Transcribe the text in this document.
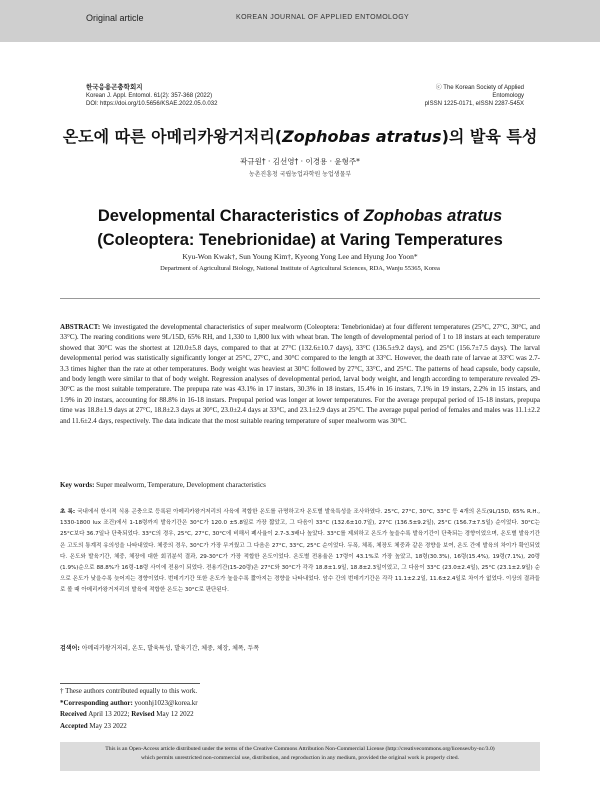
Original article	KOREAN JOURNAL OF APPLIED ENTOMOLOGY
한국응용곤충학회지
Korean J. Appl. Entomol. 61(2): 357-368 (2022)
DOI: https://doi.org/10.5656/KSAE.2022.05.0.032
ⓒ The Korean Society of Applied Entomology
pISSN 1225-0171, eISSN 2287-545X
온도에 따른 아메리카왕거저리(Zophobas atratus)의 발육 특성
곽규원† · 김선영† · 이경용 · 윤형주*
농촌진흥청 국립농업과학원 농업생물부
Developmental Characteristics of Zophobas atratus (Coleoptera: Tenebrionidae) at Varing Temperatures
Kyu-Won Kwak†, Sun Young Kim†, Kyeong Yong Lee and Hyung Joo Yoon*
Department of Agricultural Biology, National Institute of Agricultural Sciences, RDA, Wanju 55365, Korea
ABSTRACT: We investigated the developmental characteristics of super mealworm (Coleoptera: Tenebrionidae) at four different temperatures (25°C, 27°C, 30°C, and 33°C). The rearing conditions were 9L/15D, 65% RH, and 1,330 to 1,800 lux with wheat bran. The length of developmental period of 1 to 18 instars at each temperature showed that 30°C was the shortest at 120.0±5.8 days, compared to that at 27°C (132.6±10.7 days), 33°C (136.5±9.2 days), and 25°C (156.7±7.5 days). The larval developmental period was statistically significantly longer at 25°C, 27°C, and 30°C compared to the length at 33°C. However, the death rate of larvae at 33°C was 2.7-3.3 times higher than the rate at other temperatures. Body weight was heaviest at 30°C followed by 27°C, 33°C, and 25°C. The patterns of head capsule, body capsule, and body length were similar to that of body weight. Regression analyses of developmental period, larval body weight, and length according to temperature revealed 29-30°C as the most suitable temperature. The prepupa rate was 43.1% in 17 instars, 30.3% in 18 instars, 15.4% in 16 instars, 7.1% in 19 instars, 2.2% in 15 instars, and 1.9% in 20 instars, accounting for 88.8% in 16-18 instars. Prepupal period was longer at lower temperatures. For the average prepupal period of 15-18 instars, prepupa time was 18.8±1.9 days at 27°C, 18.8±2.3 days at 30°C, 23.0±2.4 days at 33°C, and 23.1±2.9 days at 25°C. The average pupal period of females and males was 11.1±2.2 and 11.6±2.4 days, respectively. The data indicate that the most suitable rearing temperature of super mealworm was 30°C.
Key words: Super mealworm, Temperature, Development characteristics
초 록: 국내에서 한시적 식용 곤충으로 등록된 아메리카왕거저리의 사육에 적합한 온도를 규명하고자 온도별 발육특성을 조사하였다. 25°C, 27°C, 30°C, 33°C 등 4개의 온도(9L/15D, 65% R.H., 1330-1800 lux 조건)에서 1-18령까지 발육기간은 30°C가 120.0 ±5.8일로 가장 짧았고, 그 다음이 33°C (132.6±10.7일), 27°C (136.5±9.2일), 25°C (156.7±7.5일) 순이었다. 30°C는 25°C보다 36.7일나 단축되었다. 33°C의 경우, 25°C, 27°C, 30°C에 비해서 폐사율이 2.7-3.3배나 높았다. 33°C를 제외하고 온도가 높을수록 발육기간이 단축되는 경향이었으며, 온도별 발육기간은 고도의 통계적 유의성을 나타내었다. 체중의 경우, 30°C가 가장 무거웠고 그 다음은 27°C, 33°C, 25°C 순이었다. 두폭, 체폭, 체장도 체중과 같은 경향을 보여, 온도 간에 발육의 차이가 확인되었다. 온도와 발육기간, 체중, 체장에 대한 회귀분석 결과, 29-30°C가 가장 적합한 온도이었다. 온도별 전용율은 17령이 43.1%로 가장 높았고, 18령(30.3%), 16령(15.4%), 19령(7.1%), 20령(1.9%)순으로 88.8%가 16령-18령 사이에 전용이 되었다. 전용기간(15-20령)은 27°C와 30°C가 각각 18.8±1.9일, 18.8±2.3일이었고, 그 다음이 33°C (23.0±2.4일), 25°C (23.1±2.9일) 순으로 온도가 낮을수록 늦어지는 경향이었다. 번데기기간 또한 온도가 높을수록 짧아지는 경향을 나타내었다. 암수 간의 번데기기간은 각각 11.1±2.2일, 11.6±2.4일로 차이가 없었다. 이상의 결과들로 볼 때 아메리카왕거저리의 발육에 적합한 온도는 30°C로 판단된다.
검색어: 아메리카왕거저리, 온도, 발육특성, 발육기간, 체중, 체장, 체폭, 두폭
† These authors contributed equally to this work.
*Corresponding author: yoonhj1023@korea.kr
Received April 13 2022; Revised May 12 2022
Accepted May 23 2022
This is an Open-Access article distributed under the terms of the Creative Commons Attribution Non-Commercial License (http://creativecommons.org/licenses/by-nc/3.0)
which permits unrestricted non-commercial use, distribution, and reproduction in any medium, provided the original work is properly cited.
